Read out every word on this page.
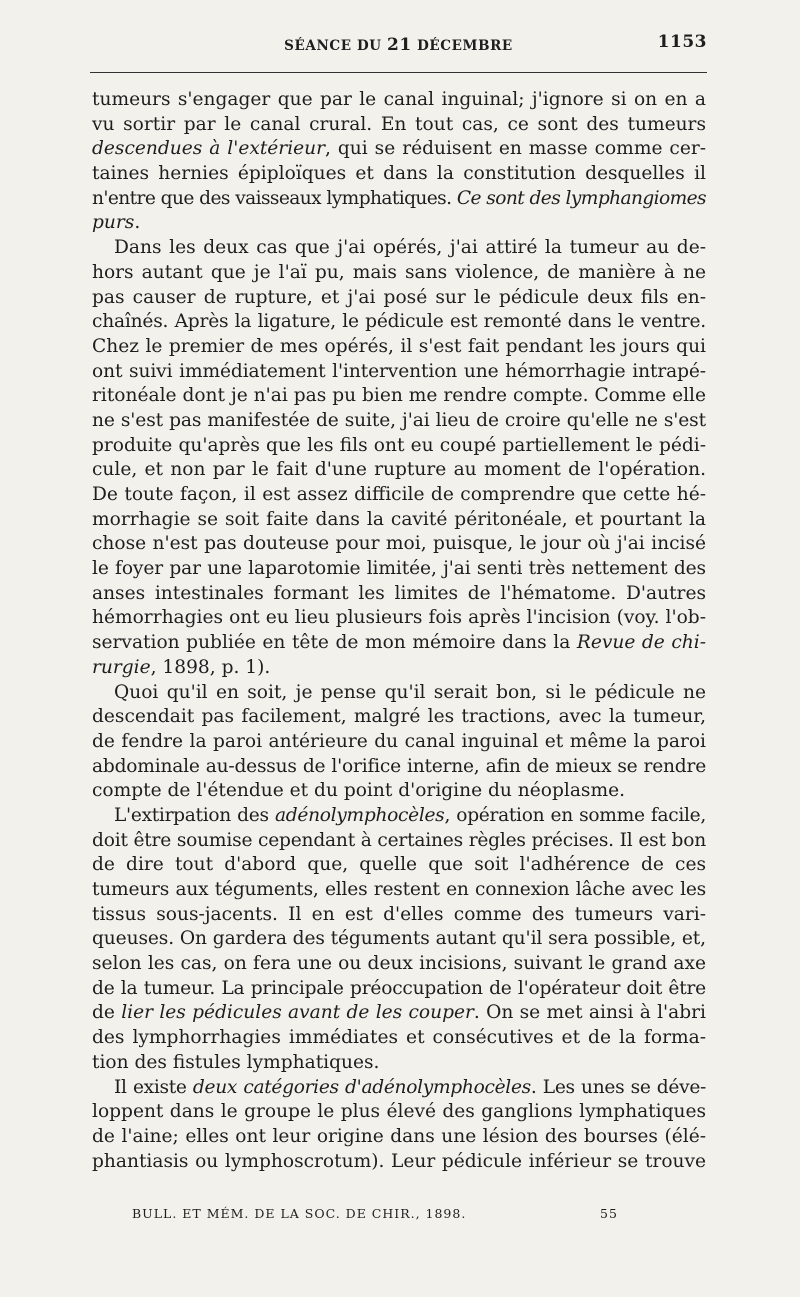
SÉANCE DU 21 DÉCEMBRE	1153
tumeurs s'engager que par le canal inguinal; j'ignore si on en a
vu sortir par le canal crural. En tout cas, ce sont des tumeurs
descendues à l'extérieur, qui se réduisent en masse comme cer-
taines hernies épiploïques et dans la constitution desquelles il
n'entre que des vaisseaux lymphatiques. Ce sont des lymphangiomes
purs.
Dans les deux cas que j'ai opérés, j'ai attiré la tumeur au de-
hors autant que je l'aï pu, mais sans violence, de manière à ne
pas causer de rupture, et j'ai posé sur le pédicule deux fils en-
chaînés. Après la ligature, le pédicule est remonté dans le ventre.
Chez le premier de mes opérés, il s'est fait pendant les jours qui
ont suivi immédiatement l'intervention une hémorrhagie intrapé-
ritonéale dont je n'ai pas pu bien me rendre compte. Comme elle
ne s'est pas manifestée de suite, j'ai lieu de croire qu'elle ne s'est
produite qu'après que les fils ont eu coupé partiellement le pédi-
cule, et non par le fait d'une rupture au moment de l'opération.
De toute façon, il est assez difficile de comprendre que cette hé-
morrhagie se soit faite dans la cavité péritonéale, et pourtant la
chose n'est pas douteuse pour moi, puisque, le jour où j'ai incisé
le foyer par une laparotomie limitée, j'ai senti très nettement des
anses intestinales formant les limites de l'hématome. D'autres
hémorrhagies ont eu lieu plusieurs fois après l'incision (voy. l'ob-
servation publiée en tête de mon mémoire dans la Revue de chi-
rurgie, 1898, p. 1).
Quoi qu'il en soit, je pense qu'il serait bon, si le pédicule ne
descendait pas facilement, malgré les tractions, avec la tumeur,
de fendre la paroi antérieure du canal inguinal et même la paroi
abdominale au-dessus de l'orifice interne, afin de mieux se rendre
compte de l'étendue et du point d'origine du néoplasme.
L'extirpation des adénolymphocèles, opération en somme facile,
doit être soumise cependant à certaines règles précises. Il est bon
de dire tout d'abord que, quelle que soit l'adhérence de ces
tumeurs aux téguments, elles restent en connexion lâche avec les
tissus sous-jacents. Il en est d'elles comme des tumeurs vari-
queuses. On gardera des téguments autant qu'il sera possible, et,
selon les cas, on fera une ou deux incisions, suivant le grand axe
de la tumeur. La principale préoccupation de l'opérateur doit être
de lier les pédicules avant de les couper. On se met ainsi à l'abri
des lymphorrhagies immédiates et consécutives et de la forma-
tion des fistules lymphatiques.
Il existe deux catégories d'adénolymphocèles. Les unes se déve-
loppent dans le groupe le plus élevé des ganglions lymphatiques
de l'aine; elles ont leur origine dans une lésion des bourses (élé-
phantiasis ou lymphoscrotum). Leur pédicule inférieur se trouve
BULL. ET MÉM. DE LA SOC. DE CHIR., 1898.	55
